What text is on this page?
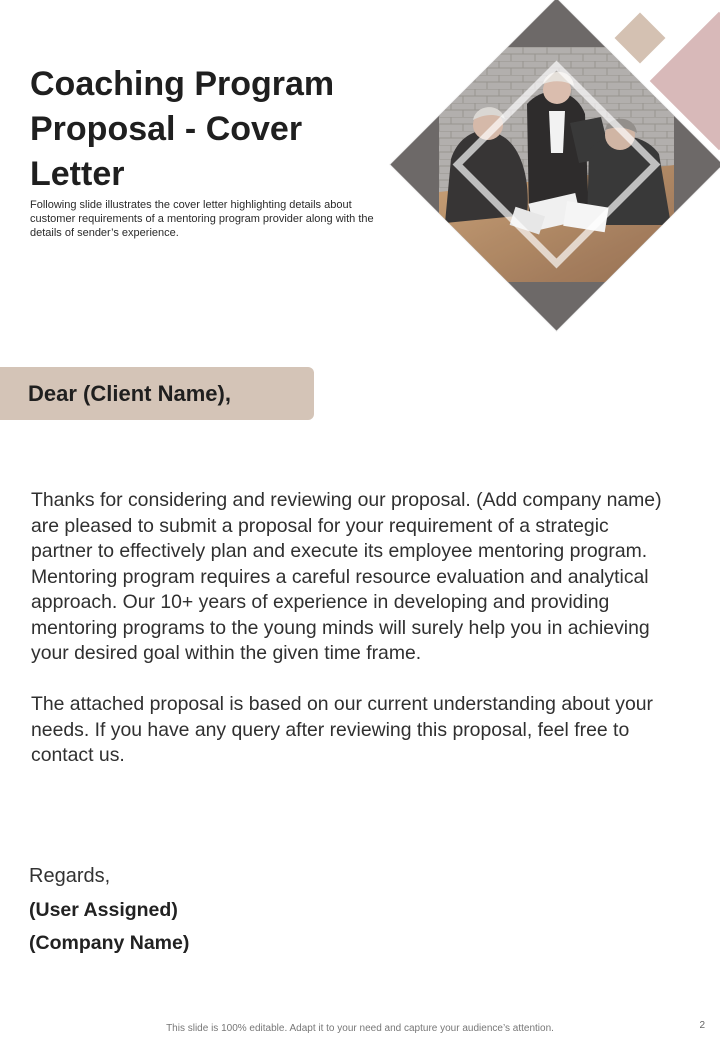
Coaching Program Proposal - Cover Letter

Following slide illustrates the cover letter highlighting details about customer requirements of a mentoring program provider along with the details of sender’s experience.

Dear (Client Name),

Thanks for considering and reviewing our proposal. (Add company name) are pleased to submit a proposal for your requirement of a strategic partner to effectively plan and execute its employee mentoring program. Mentoring program requires a careful resource evaluation and analytical approach. Our 10+ years of experience in developing and providing mentoring programs to the young minds will surely help you in achieving your desired goal within the given time frame.

The attached proposal is based on our current understanding about your needs. If you have any query after reviewing this proposal, feel free to contact us.

Regards,

(User Assigned)

(Company Name)

This slide is 100% editable. Adapt it to your need and capture your audience’s attention.	2
